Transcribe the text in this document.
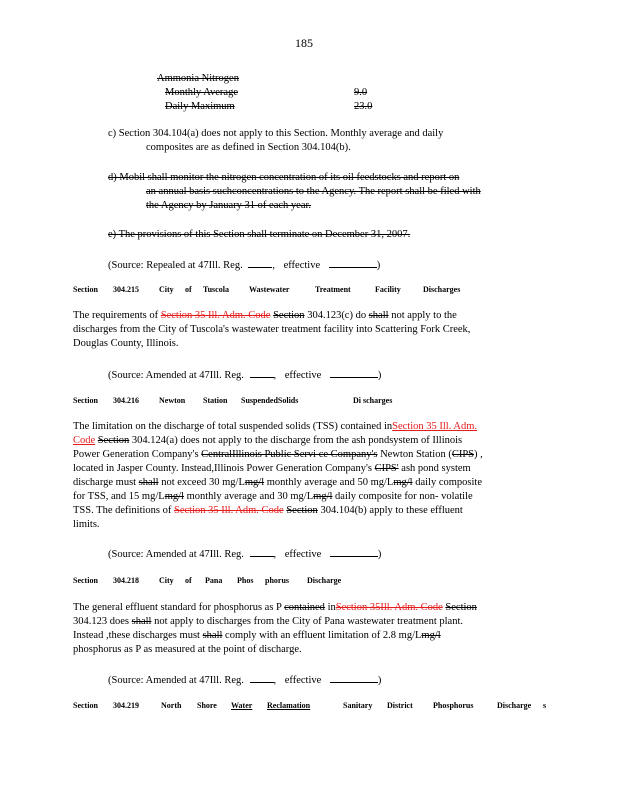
185
Ammonia Nitrogen
Monthly Average	9.0
Daily Maximum	23.0
c) Section 304.104(a) does not apply to this Section. Monthly average and daily
composites are as defined in Section 304.104(b).
d) Mobil shall monitor the nitrogen concentration of its oil feedstocks and report on
an annual basis suchconcentrations to the Agency. The report shall be filed with
the Agency by January 31 of each year.
e) The provisions of this Section shall terminate on December 31, 2007.
(Source: Repealed at 47Ill. Reg.	, effective	)
Section 304.215	City of Tuscola	Wastewater	Treatment	Facility	Discharges
The requirements of Section 35 Ill. Adm. Code Section 304.123(c) do shall not apply to the
discharges from the City of Tuscola's wastewater treatment facility into Scattering Fork Creek,
Douglas County, Illinois.
(Source: Amended at 47Ill. Reg.	, effective	)
Section 304.216	Newton Station SuspendedSolids	Di scharges
The limitation on the discharge of total suspended solids (TSS) contained inSection 35 Ill. Adm.
Code Section 304.124(a) does not apply to the discharge from the ash pondsystem of Illinois
Power Generation Company's CentralIllinois Public Servi ce Company's Newton Station (CIPS) ,
located in Jasper County. Instead,Illinois Power Generation Company's CIPS' ash pond system
discharge must shall not exceed 30 mg/Lmg/l monthly average and 50 mg/Lmg/l daily composite
for TSS, and 15 mg/Lmg/l monthly average and 30 mg/Lmg/l daily composite for non- volatile
TSS. The definitions of Section 35 Ill. Adm. Code Section 304.104(b) apply to these effluent
limits.
(Source: Amended at 47Ill. Reg.	, effective	)
Section 304.218	City of Pana Phos phorus Discharge
The general effluent standard for phosphorus as P contained inSection 35Ill. Adm. Code Section
304.123 does shall not apply to discharges from the City of Pana wastewater treatment plant.
Instead ,these discharges must shall comply with an effluent limitation of 2.8 mg/Lmg/l
phosphorus as P as measured at the point of discharge.
(Source: Amended at 47Ill. Reg.	, effective	)
Section 304.219	North Shore Water Reclamation	Sanitary District	Phosphorus	Discharge s
